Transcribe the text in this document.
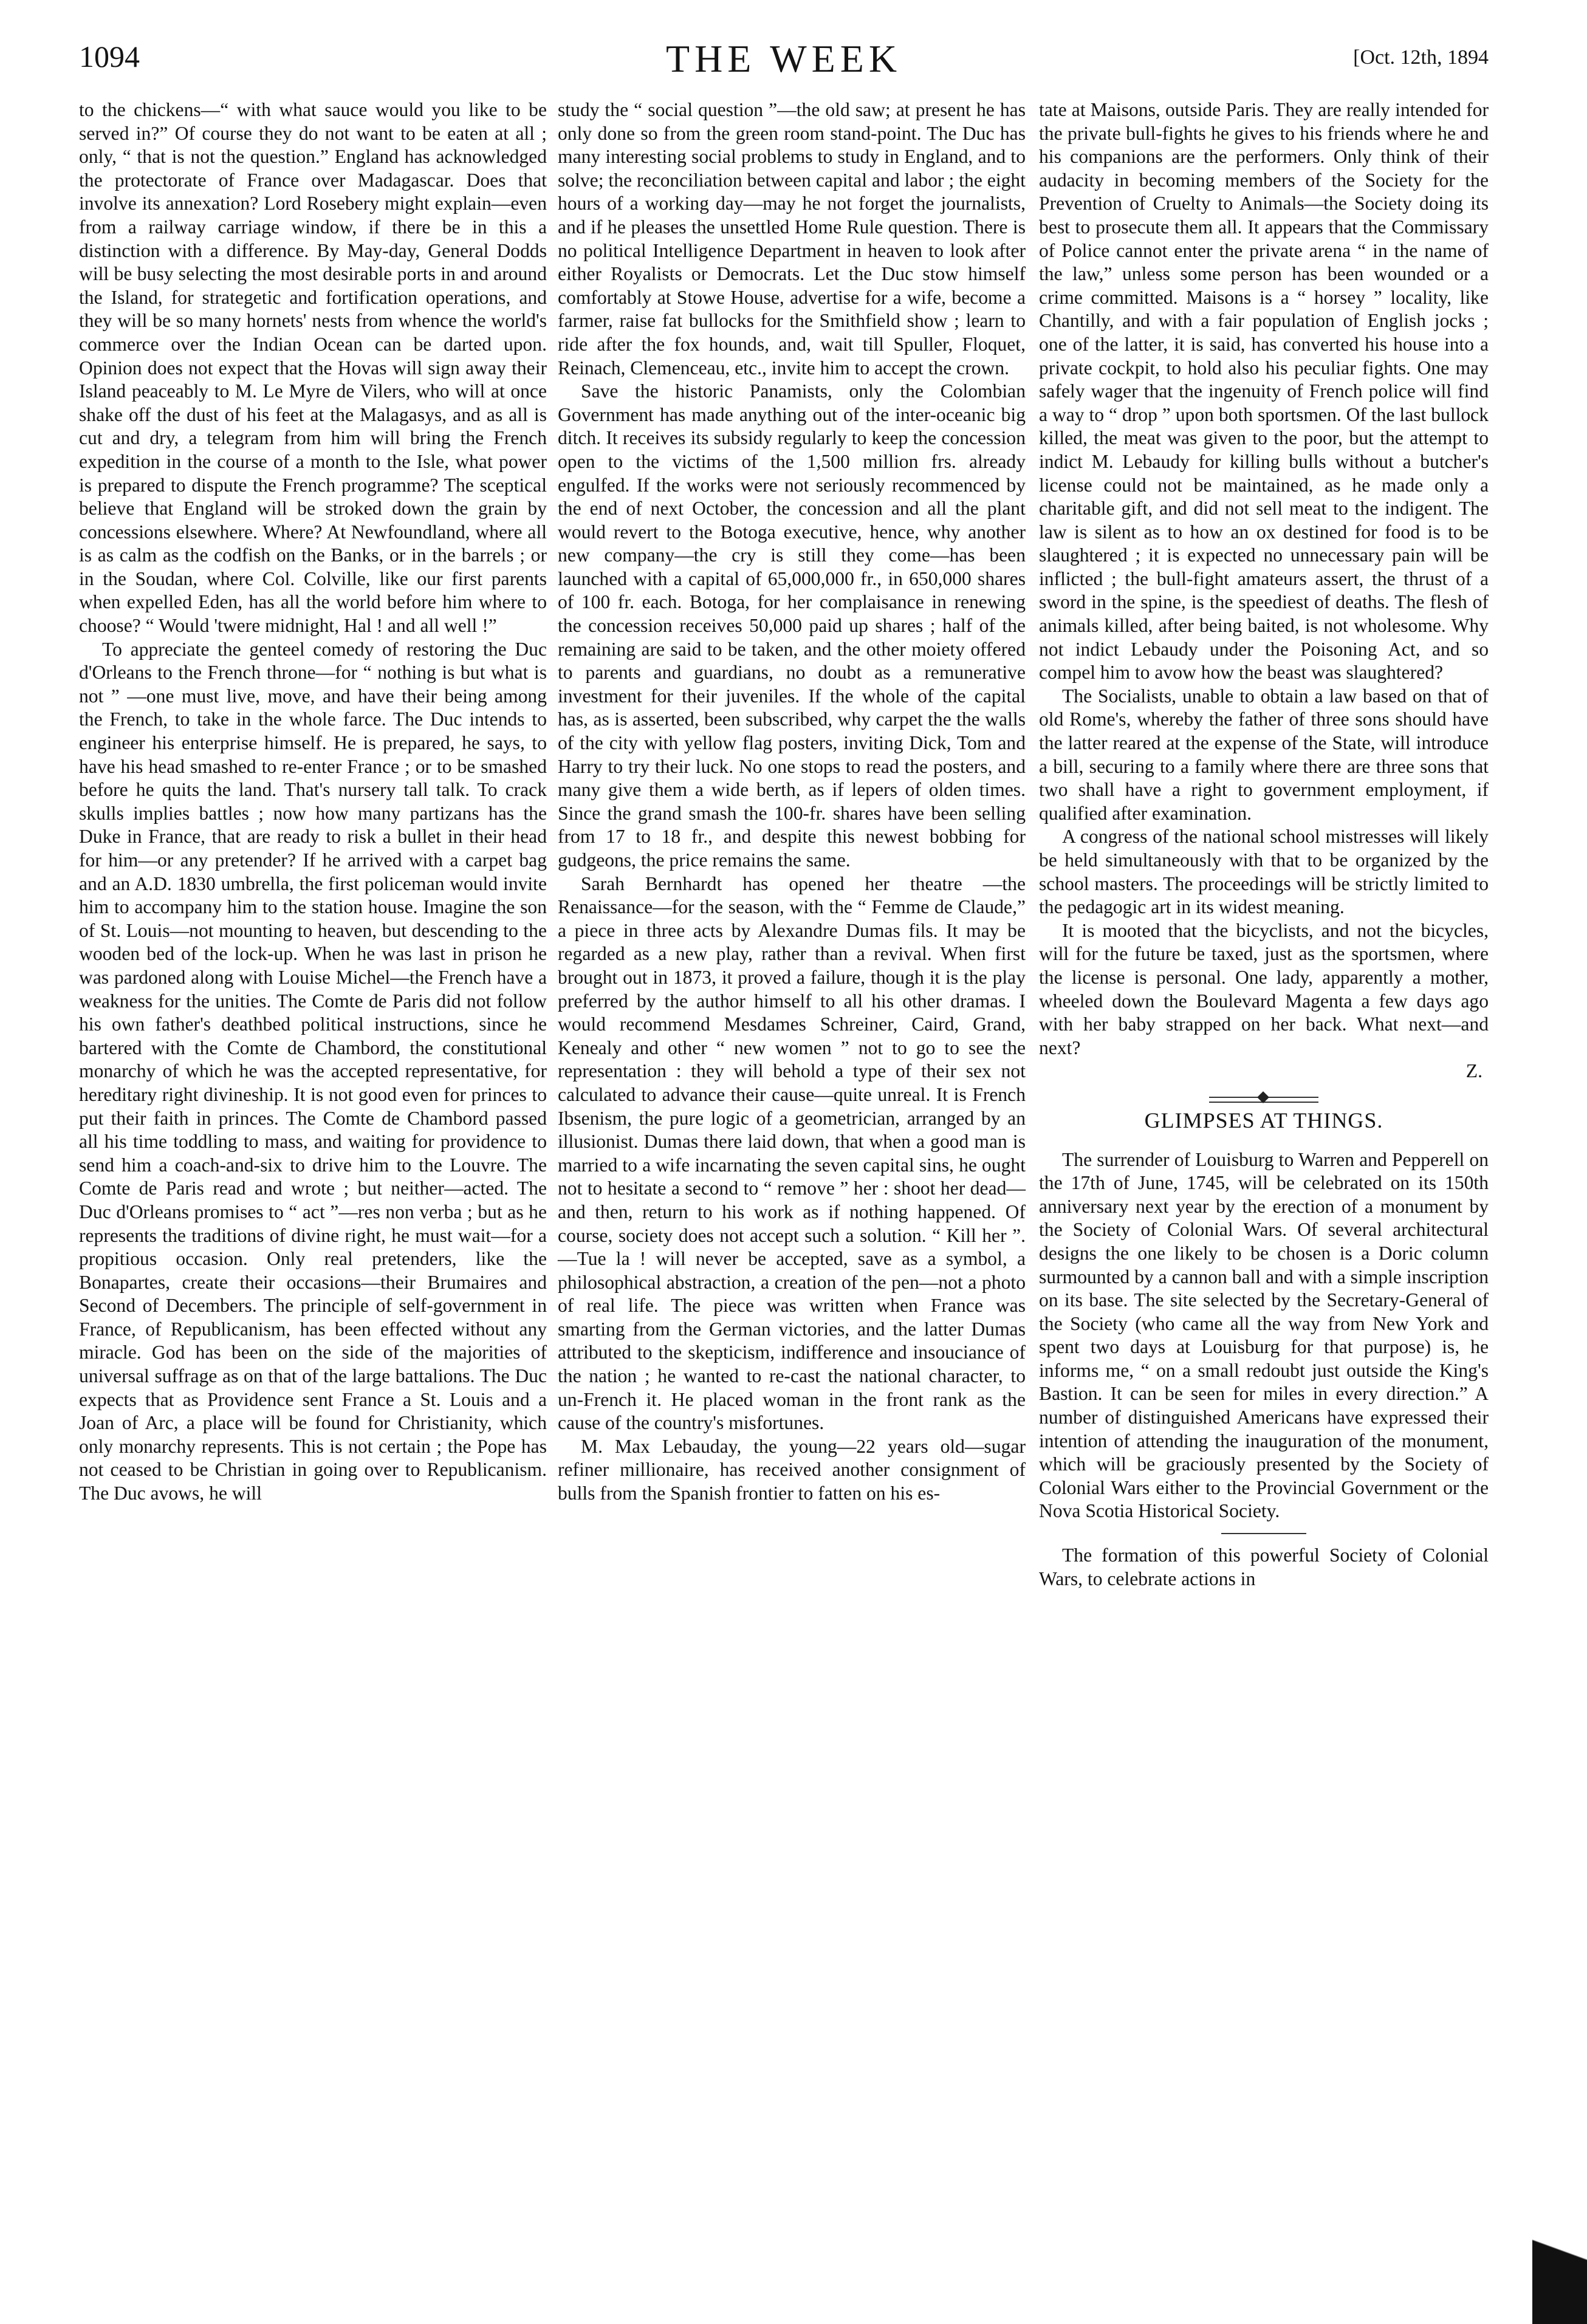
1094	THE WEEK	[Oct. 12th, 1894

to the chickens—“ with what sauce would you like to be served in?” Of course they do not want to be eaten at all ; only, “ that is not the question.” England has acknowledged the protectorate of France over Madagascar. Does that involve its annexation? Lord Rosebery might explain—even from a railway carriage window, if there be in this a distinction with a difference. By May-day, General Dodds will be busy selecting the most desirable ports in and around the Island, for strategetic and fortification operations, and they will be so many hornets' nests from whence the world's commerce over the Indian Ocean can be darted upon. Opinion does not expect that the Hovas will sign away their Island peaceably to M. Le Myre de Vilers, who will at once shake off the dust of his feet at the Malagasys, and as all is cut and dry, a telegram from him will bring the French expedition in the course of a month to the Isle, what power is prepared to dispute the French programme? The sceptical believe that England will be stroked down the grain by concessions elsewhere. Where? At Newfoundland, where all is as calm as the codfish on the Banks, or in the barrels ; or in the Soudan, where Col. Colville, like our first parents when expelled Eden, has all the world before him where to choose? “ Would 'twere midnight, Hal ! and all well !”

To appreciate the genteel comedy of restoring the Duc d'Orleans to the French throne—for “ nothing is but what is not ” —one must live, move, and have their being among the French, to take in the whole farce. The Duc intends to engineer his enterprise himself. He is prepared, he says, to have his head smashed to re-enter France ; or to be smashed before he quits the land. That's nursery tall talk. To crack skulls implies battles ; now how many partizans has the Duke in France, that are ready to risk a bullet in their head for him—or any pretender? If he arrived with a carpet bag and an A.D. 1830 umbrella, the first policeman would invite him to accompany him to the station house. Imagine the son of St. Louis—not mounting to heaven, but descending to the wooden bed of the lock-up. When he was last in prison he was pardoned along with Louise Michel—the French have a weakness for the unities. The Comte de Paris did not follow his own father's deathbed political instructions, since he bartered with the Comte de Chambord, the constitutional monarchy of which he was the accepted representative, for hereditary right divineship. It is not good even for princes to put their faith in princes. The Comte de Chambord passed all his time toddling to mass, and waiting for providence to send him a coach-and-six to drive him to the Louvre. The Comte de Paris read and wrote ; but neither—acted. The Duc d'Orleans promises to “ act ”—res non verba ; but as he represents the traditions of divine right, he must wait—for a propitious occasion. Only real pretenders, like the Bonapartes, create their occasions—their Brumaires and Second of Decembers. The principle of self-government in France, of Republicanism, has been effected without any miracle. God has been on the side of the majorities of universal suffrage as on that of the large battalions. The Duc expects that as Providence sent France a St. Louis and a Joan of Arc, a place will be found for Christianity, which only monarchy represents. This is not certain ; the Pope has not ceased to be Christian in going over to Republicanism. The Duc avows, he will

study the “ social question ”—the old saw; at present he has only done so from the green room stand-point. The Duc has many interesting social problems to study in England, and to solve; the reconciliation between capital and labor ; the eight hours of a working day—may he not forget the journalists, and if he pleases the unsettled Home Rule question. There is no political Intelligence Department in heaven to look after either Royalists or Democrats. Let the Duc stow himself comfortably at Stowe House, advertise for a wife, become a farmer, raise fat bullocks for the Smithfield show ; learn to ride after the fox hounds, and, wait till Spuller, Floquet, Reinach, Clemenceau, etc., invite him to accept the crown.

Save the historic Panamists, only the Colombian Government has made anything out of the inter-oceanic big ditch. It receives its subsidy regularly to keep the concession open to the victims of the 1,500 million frs. already engulfed. If the works were not seriously recommenced by the end of next October, the concession and all the plant would revert to the Botoga executive, hence, why another new company—the cry is still they come—has been launched with a capital of 65,000,000 fr., in 650,000 shares of 100 fr. each. Botoga, for her complaisance in renewing the concession receives 50,000 paid up shares ; half of the remaining are said to be taken, and the other moiety offered to parents and guardians, no doubt as a remunerative investment for their juveniles. If the whole of the capital has, as is asserted, been subscribed, why carpet the the walls of the city with yellow flag posters, inviting Dick, Tom and Harry to try their luck. No one stops to read the posters, and many give them a wide berth, as if lepers of olden times. Since the grand smash the 100-fr. shares have been selling from 17 to 18 fr., and despite this newest bobbing for gudgeons, the price remains the same.

Sarah Bernhardt has opened her theatre —the Renaissance—for the season, with the “ Femme de Claude,” a piece in three acts by Alexandre Dumas fils. It may be regarded as a new play, rather than a revival. When first brought out in 1873, it proved a failure, though it is the play preferred by the author himself to all his other dramas. I would recommend Mesdames Schreiner, Caird, Grand, Kenealy and other “ new women ” not to go to see the representation : they will behold a type of their sex not calculated to advance their cause—quite unreal. It is French Ibsenism, the pure logic of a geometrician, arranged by an illusionist. Dumas there laid down, that when a good man is married to a wife incarnating the seven capital sins, he ought not to hesitate a second to “ remove ” her : shoot her dead—and then, return to his work as if nothing happened. Of course, society does not accept such a solution. “ Kill her ”.—Tue la ! will never be accepted, save as a symbol, a philosophical abstraction, a creation of the pen—not a photo of real life. The piece was written when France was smarting from the German victories, and the latter Dumas attributed to the skepticism, indifference and insouciance of the nation ; he wanted to re-cast the national character, to un-French it. He placed woman in the front rank as the cause of the country's misfortunes.

M. Max Lebauday, the young—22 years old—sugar refiner millionaire, has received another consignment of bulls from the Spanish frontier to fatten on his es-

tate at Maisons, outside Paris. They are really intended for the private bull-fights he gives to his friends where he and his companions are the performers. Only think of their audacity in becoming members of the Society for the Prevention of Cruelty to Animals—the Society doing its best to prosecute them all. It appears that the Commissary of Police cannot enter the private arena “ in the name of the law,” unless some person has been wounded or a crime committed. Maisons is a “ horsey ” locality, like Chantilly, and with a fair population of English jocks ; one of the latter, it is said, has converted his house into a private cockpit, to hold also his peculiar fights. One may safely wager that the ingenuity of French police will find a way to “ drop ” upon both sportsmen. Of the last bullock killed, the meat was given to the poor, but the attempt to indict M. Lebaudy for killing bulls without a butcher's license could not be maintained, as he made only a charitable gift, and did not sell meat to the indigent. The law is silent as to how an ox destined for food is to be slaughtered ; it is expected no unnecessary pain will be inflicted ; the bull-fight amateurs assert, the thrust of a sword in the spine, is the speediest of deaths. The flesh of animals killed, after being baited, is not wholesome. Why not indict Lebaudy under the Poisoning Act, and so compel him to avow how the beast was slaughtered?

The Socialists, unable to obtain a law based on that of old Rome's, whereby the father of three sons should have the latter reared at the expense of the State, will introduce a bill, securing to a family where there are three sons that two shall have a right to government employment, if qualified after examination.

A congress of the national school mistresses will likely be held simultaneously with that to be organized by the school masters. The proceedings will be strictly limited to the pedagogic art in its widest meaning.

It is mooted that the bicyclists, and not the bicycles, will for the future be taxed, just as the sportsmen, where the license is personal. One lady, apparently a mother, wheeled down the Boulevard Magenta a few days ago with her baby strapped on her back. What next—and next?

Z.
GLIMPSES AT THINGS.

The surrender of Louisburg to Warren and Pepperell on the 17th of June, 1745, will be celebrated on its 150th anniversary next year by the erection of a monument by the Society of Colonial Wars. Of several architectural designs the one likely to be chosen is a Doric column surmounted by a cannon ball and with a simple inscription on its base. The site selected by the Secretary-General of the Society (who came all the way from New York and spent two days at Louisburg for that purpose) is, he informs me, “ on a small redoubt just outside the King's Bastion. It can be seen for miles in every direction.” A number of distinguished Americans have expressed their intention of attending the inauguration of the monument, which will be graciously presented by the Society of Colonial Wars either to the Provincial Government or the Nova Scotia Historical Society.

The formation of this powerful Society of Colonial Wars, to celebrate actions in
